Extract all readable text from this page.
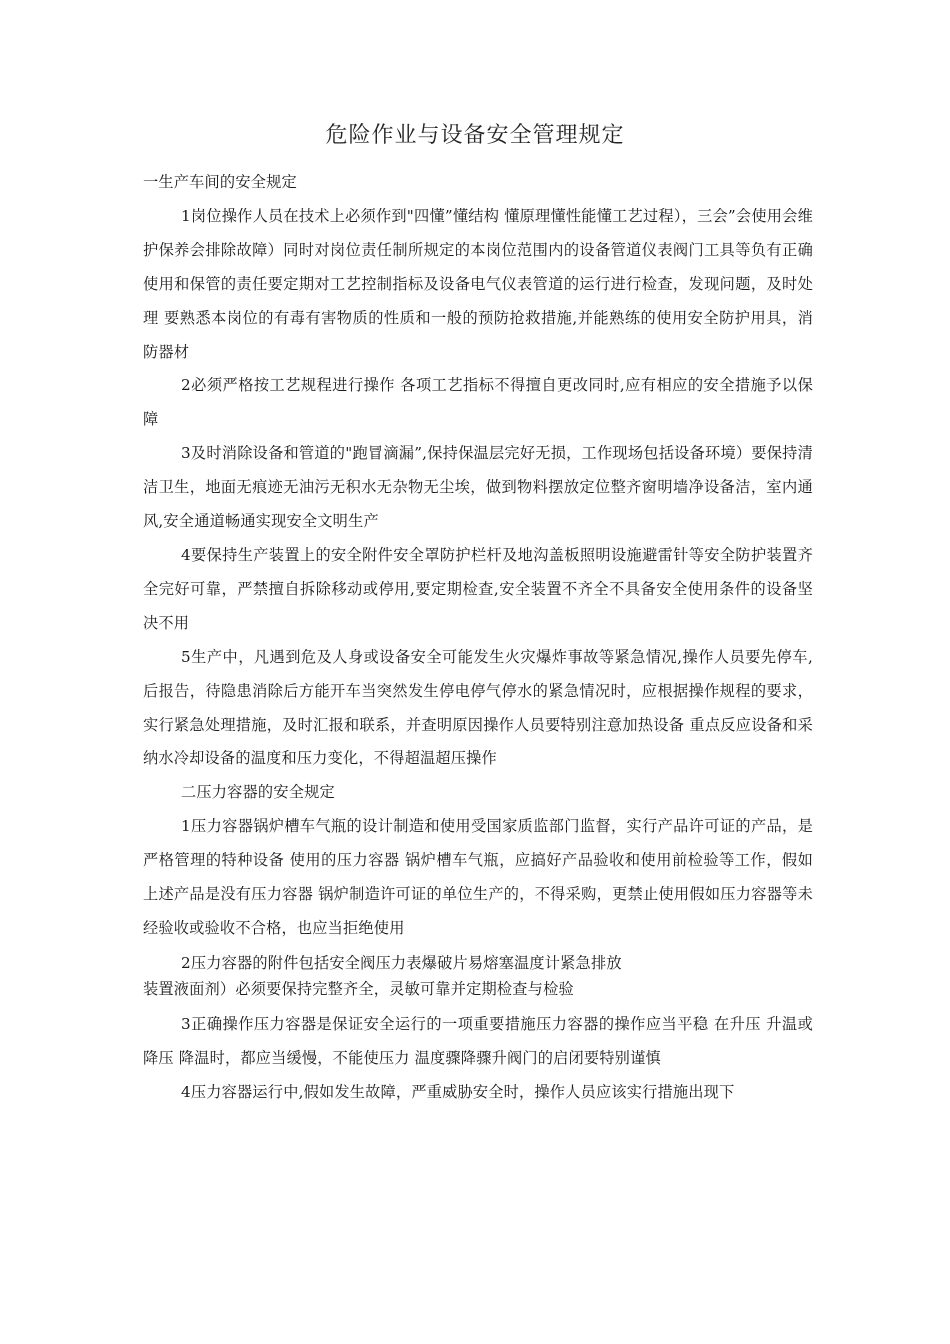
危险作业与设备安全管理规定

一生产车间的安全规定

1岗位操作人员在技术上必须作到"四懂”懂结构 懂原理懂性能懂工艺过程），三会”会使用会维护保养会排除故障）同时对岗位责任制所规定的本岗位范围内的设备管道仪表阀门工具等负有正确使用和保管的责任要定期对工艺控制指标及设备电气仪表管道的运行进行检查，发现问题，及时处理 要熟悉本岗位的有毒有害物质的性质和一般的预防抢救措施,并能熟练的使用安全防护用具，消防器材

2必须严格按工艺规程进行操作 各项工艺指标不得擅自更改同时,应有相应的安全措施予以保障

3及时消除设备和管道的"跑冒滴漏”,保持保温层完好无损，工作现场包括设备环境）要保持清洁卫生，地面无痕迹无油污无积水无杂物无尘埃，做到物料摆放定位整齐窗明墙净设备洁，室内通风,安全通道畅通实现安全文明生产

4要保持生产装置上的安全附件安全罩防护栏杆及地沟盖板照明设施避雷针等安全防护装置齐全完好可靠，严禁擅自拆除移动或停用,要定期检查,安全装置不齐全不具备安全使用条件的设备坚决不用

5生产中，凡遇到危及人身或设备安全可能发生火灾爆炸事故等紧急情况,操作人员要先停车,后报告，待隐患消除后方能开车当突然发生停电停气停水的紧急情况时，应根据操作规程的要求，实行紧急处理措施，及时汇报和联系，并查明原因操作人员要特别注意加热设备 重点反应设备和采纳水冷却设备的温度和压力变化，不得超温超压操作

二压力容器的安全规定

1压力容器锅炉槽车气瓶的设计制造和使用受国家质监部门监督，实行产品许可证的产品，是严格管理的特种设备 使用的压力容器 锅炉槽车气瓶，应搞好产品验收和使用前检验等工作，假如上述产品是没有压力容器 锅炉制造许可证的单位生产的，不得采购，更禁止使用假如压力容器等未经验收或验收不合格，也应当拒绝使用

2压力容器的附件包括安全阀压力表爆破片易熔塞温度计紧急排放

装置液面剂）必须要保持完整齐全，灵敏可靠并定期检查与检验

3正确操作压力容器是保证安全运行的一项重要措施压力容器的操作应当平稳 在升压 升温或降压 降温时，都应当缓慢，不能使压力 温度骤降骤升阀门的启闭要特别谨慎

4压力容器运行中,假如发生故障，严重威胁安全时，操作人员应该实行措施出现下
